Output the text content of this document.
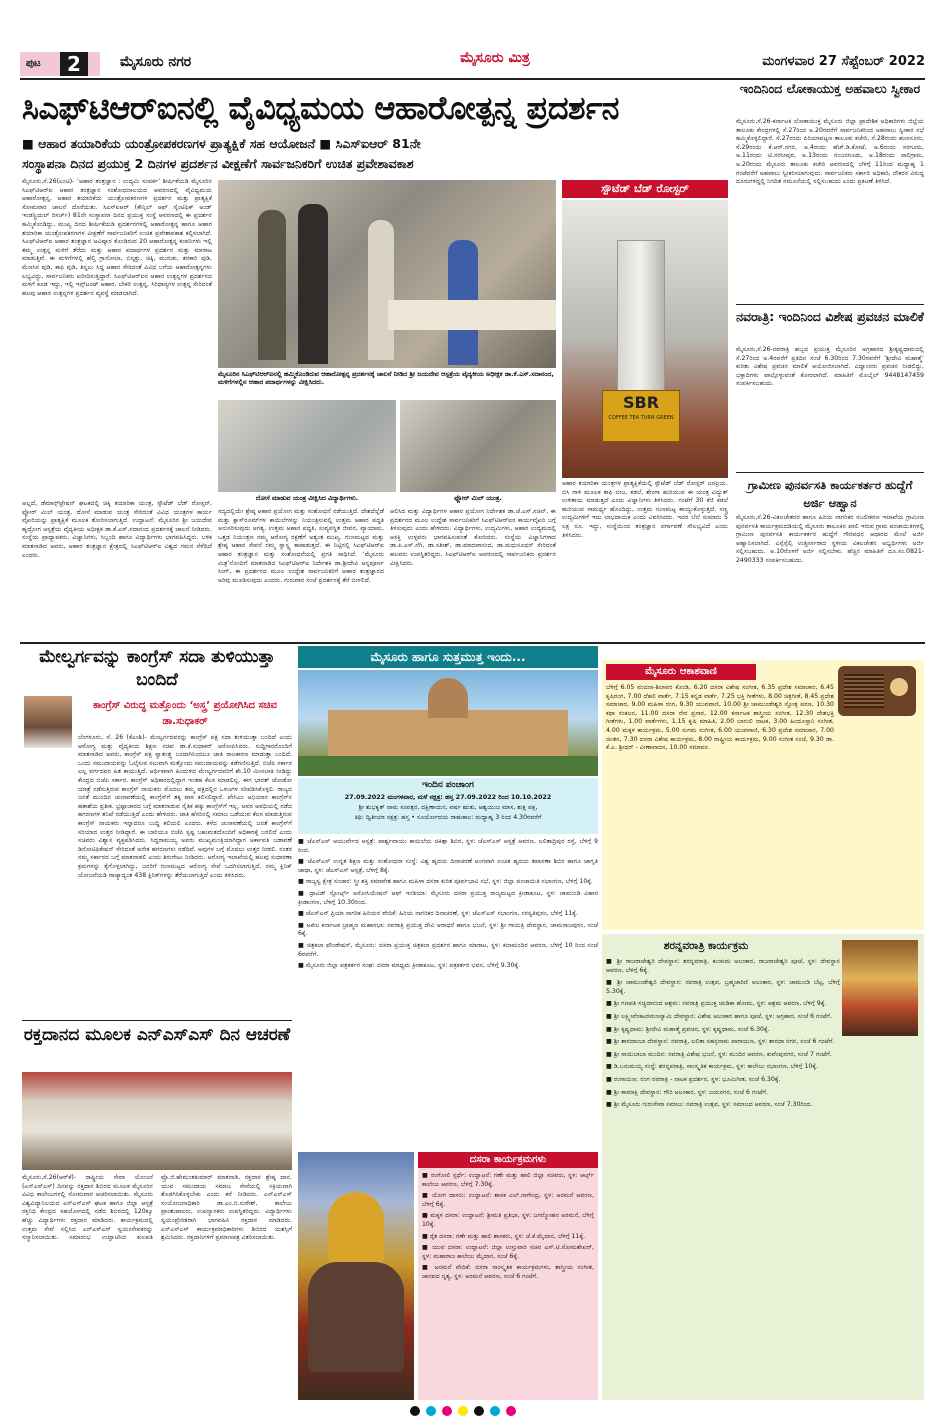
ಪುಟ	2	ಮೈಸೂರು ನಗರ	ಮೈಸೂರು ಮಿತ್ರ	ಮಂಗಳವಾರ 27 ಸೆಪ್ಟೆಂಬರ್ 2022
ಸಿಎಫ್‌ಟಿಆರ್‌ಐನಲ್ಲಿ ವೈವಿಧ್ಯಮಯ ಆಹಾರೋತ್ಪನ್ನ ಪ್ರದರ್ಶನ
■ ಆಹಾರ ತಯಾರಿಕೆಯ ಯಂತ್ರೋಪಕರಣಗಳ ಪ್ರಾತ್ಯಕ್ಷಿಕೆ ಸಹ ಆಯೋಜನೆ ■ ಸಿಎಸ್‌ಐಆರ್ 81ನೇ
ಸಂಸ್ಥಾಪನಾ ದಿನದ ಪ್ರಯುಕ್ತ 2 ದಿನಗಳ ಪ್ರದರ್ಶನ ವೀಕ್ಷಣೆಗೆ ಸಾರ್ವಜನಿಕರಿಗೆ ಉಚಿತ ಪ್ರವೇಶಾವಕಾಶ
ಮೈಸೂರು,ಸೆ.26(ಎಂಟಿ)- ‘ಆಹಾರ ತಂತ್ರಜ್ಞಾನ : ಉದ್ಯಮಿ ಸಂಪರ್ಕ’ ಶೀರ್ಷಿಕೆಯಡಿ ಮೈಸೂರಿನ ಸಿಎಫ್‌ಟಿಆರ್‌ಐ ಆಹಾರ ತಂತ್ರಜ್ಞಾನ ಸಂಶೋಧನಾಲಯದ ಆವರಣದಲ್ಲಿ ವೈವಿಧ್ಯಮಯ ಆಹಾರೋತ್ಪನ್ನ, ಆಹಾರ ತಯಾರಿಕೆಯ ಯಂತ್ರೋಪಕರಣಗಳ ಪ್ರದರ್ಶನ ಮತ್ತು ಪ್ರಾತ್ಯಕ್ಷಿಕೆ ಸೋಮವಾರ ಚಾಲನೆ ದೊರೆಯಿತು. ಸಿಎಸ್‌ಐಆರ್ (ಕೌನ್ಸಿಲ್ ಆಫ್ ಸೈಂಟಿಫಿಕ್ ಅಂಡ್ ಇಂಡಸ್ಟ್ರಿಯಲ್ ರಿಸರ್ಚ್) 81ನೇ ಸಂಸ್ಥಾಪನಾ ದಿನದ ಪ್ರಯುಕ್ತ ಸಂಸ್ಥೆ ಆವರಣದಲ್ಲಿ ಈ ಪ್ರದರ್ಶನ ಹಮ್ಮಿಕೊಂಡಿದ್ದು, ಮುಖ್ಯ ದಿನದ ಶೀರ್ಷಿಕೆಯಡಿ ಪ್ರದರ್ಶನಗಳಲ್ಲಿ ಆಹಾರೋತ್ಪನ್ನ ಹಾಗೂ ಆಹಾರ ತಯಾರಿಕಾ ಯಂತ್ರೋಪಕರಣಗಳ ವೀಕ್ಷಣೆಗೆ ಸಾರ್ವಜನಿಕರಿಗೆ ಉಚಿತ ಪ್ರವೇಶಾವಕಾಶ ಕಲ್ಪಿಸಲಾಗಿದೆ. ಸಿಎಫ್‌ಟಿಆರ್‌ಐ ಆಹಾರ ತಂತ್ರಜ್ಞಾನ ಅವಿಷ್ಕಾರ ಕೊಂಡಿರುವ 20 ಆಹಾರೋತ್ಪನ್ನ ಕಂಪನಿಗಳು ಇಲ್ಲಿ ತಮ್ಮ ಉತ್ಪನ್ನ ಮಳಿಗೆ ತೆರೆದು ಮತ್ತು ಆಹಾರ ಪದಾರ್ಥಗಳ ಪ್ರದರ್ಶನ ಮತ್ತು ಮಾರಾಟ ಮಾಡುತ್ತಿವೆ. ಈ ಮಳಿಗೆಗಳಲ್ಲಿ ಹೆಲ್ತಿ ಗ್ರಾನೋಲಾ, ಬಿಸ್ಕತ್ತು, ಚಿಕ್ಕಿ, ಮುರುಕು, ತರಕಾರಿ ಪುಡಿ, ಮೆಣಸಿನ ಪುಡಿ, ಕಾಫಿ ಪುಡಿ, ತಿನ್ನಲು ಸಿದ್ಧ ಆಹಾರ ಸೇರಿದಂತೆ ವಿವಿಧ ಬಗೆಯ ಆಹಾರೋತ್ಪನ್ನಗಳು ಲಭ್ಯವಿದ್ದು, ಸಾರ್ವಜನಿಕರು ಖರೀದಿಸುತ್ತಿದ್ದಾರೆ. ಸಿಎಫ್‌ಟಿಆರ್‌ಐನ ಆಹಾರ ಉತ್ಪನ್ನಗಳ ಪ್ರದರ್ಶನದ ಮಳಿಗೆ ಕೂಡ ಇದ್ದು, ಇಲ್ಲಿ ಇನ್ಸ್‌ಟಂಟ್ ಆಹಾರ, ಬೇಕರಿ ಉತ್ಪನ್ನ, ಸಿರಿಧಾನ್ಯಗಳ ಉತ್ಪನ್ನ ಸೇರಿದಂತೆ ಹಲವು ಆಹಾರ ಉತ್ಪನ್ನಗಳ ಪ್ರದರ್ಶನ ವ್ಯವಸ್ಥೆ ಮಾಡಲಾಗಿದೆ.
ಮೈಸೂರಿನ ಸಿಎಫ್‌ಟಿಆರ್‌ಐನಲ್ಲಿ ಹಮ್ಮಿಕೊಂಡಿರುವ ಆಹಾರೋತ್ಪನ್ನ ಪ್ರದರ್ಶನಕ್ಕೆ ಚಾಲನೆ ನೀಡಿದ ಶ್ರೀ ಜಯದೇವ ಆಸ್ಪತ್ರೆಯ ವೈದ್ಯಕೀಯ ಅಧೀಕ್ಷಕ ಡಾ.ಕೆ.ಎಸ್.ಸದಾನಂದ, ಮಳಿಗೆಗಳಲ್ಲಿನ ಆಹಾರ ಪದಾರ್ಥಗಳನ್ನು ವೀಕ್ಷಿಸಿದರು.
ದೋಸೆ ಮಾಡುವ ಯಂತ್ರ ವೀಕ್ಷಿಸಿದ ವಿದ್ಯಾರ್ಥಿಗಳು.	ಫ್ಲೋರ್ ಮಿಲ್ ಯಂತ್ರ.
ಅಲ್ಲದೆ, ಡೆಮಾನ್ಸ್‌ಟ್ರೇಷನ್ ಘಟಕದಲ್ಲಿ ಚಿಕ್ಕಿ ತಯಾರಿಕಾ ಯಂತ್ರ, ಸ್ಪೌಟೆಡ್ ಬೆಡ್ ರೋಸ್ಟರ್, ಫ್ಲೋರ್ ಮಿಲ್ ಯಂತ್ರ, ದೋಸೆ ಮಾಡುವ ಯಂತ್ರ ಸೇರಿದಂತೆ ವಿವಿಧ ಯಂತ್ರಗಳ ಕಾರ್ಯ ವೈಖರಿಯನ್ನು ಪ್ರಾತ್ಯಕ್ಷಿಕೆ ಮೂಲಕ ತೋರಿಸಲಾಗುತ್ತಿದೆ. ಉದ್ಘಾಟನೆ: ಮೈಸೂರಿನ ಶ್ರೀ ಜಯದೇವ ಹೃದ್ರೋಗ ಆಸ್ಪತ್ರೆಯ ವೈದ್ಯಕೀಯ ಅಧೀಕ್ಷಕ ಡಾ.ಕೆ.ಎಸ್.ಸದಾನಂದ ಪ್ರದರ್ಶನಕ್ಕೆ ಚಾಲನೆ ನೀಡಿದರು. ಸಂಸ್ಥೆಯ ಪ್ರಾಧ್ಯಾಪಕರು, ವಿಜ್ಞಾನಿಗಳು, ಸಿಬ್ಬಂದಿ ಹಾಗೂ ವಿದ್ಯಾರ್ಥಿಗಳು ಭಾಗವಹಿಸಿದ್ದರು. ಬಳಿಕ ಮಾತನಾಡಿದ ಅವರು, ಆಹಾರ ತಂತ್ರಜ್ಞಾನ ಕ್ಷೇತ್ರದಲ್ಲಿ ಸಿಎಫ್‌ಟಿಆರ್‌ಐ ವಿಶ್ವದ ಗಮನ ಸೆಳೆದಿದೆ ಎಂದರು.
ಸದ್ಯದಲ್ಲಿಯೇ ಶ್ರೇಷ್ಠ ಆಹಾರ ಪ್ರಯೋಗ ಮತ್ತು ಸಂಶೋಧನೆ ನಡೆಯುತ್ತಿದೆ. ದೇಶದೆಲ್ಲೆಡೆ ಮತ್ತು ಕ್ಲಾಸ್‌ರೂಮ್‌ಗಳ ಕಾಯಿಲೆಗಳನ್ನು ನಿಯಂತ್ರಿಸುವಲ್ಲಿ ಉತ್ತಮ ಆಹಾರ ಪದ್ಧತಿ ಅನುಸರಿಸುವುದು ಅಗತ್ಯ. ಉತ್ತಮ ಆಹಾರ ಪದ್ಧತಿ, ಸುವ್ಯವಸ್ಥಿತ ಜೀವನ, ವ್ಯಾಯಾಮ, ಒತ್ತಡ ನಿಯಂತ್ರಣ ನಮ್ಮ ಆರೋಗ್ಯ ರಕ್ಷಣೆಗೆ ಅತ್ಯಂತ ಮುಖ್ಯ. ಗುಣಮಟ್ಟದ ಮತ್ತು ಶ್ರೇಷ್ಠ ಆಹಾರ ಸೇವನೆ ನಮ್ಮ ಸ್ವಾಸ್ಥ್ಯ ಕಾಪಾಡುತ್ತದೆ. ಈ ನಿಟ್ಟಿನಲ್ಲಿ ಸಿಎಫ್‌ಟಿಆರ್‌ಐ ಆಹಾರ ತಂತ್ರಜ್ಞಾನ ಮತ್ತು ಸಂಶೋಧನೆಯಲ್ಲಿ ಪ್ರಗತಿ ಸಾಧಿಸಿದೆ. ‘ಮೈಸೂರು ಮಿತ್ರ’ನೊಂದಿಗೆ ಮಾತನಾಡಿದ ಸಿಎಫ್‌ಟಿಆರ್‌ಐ ನಿರ್ದೇಶಕಿ ಡಾ.ಶ್ರೀದೇವಿ ಅನ್ನಪೂರ್ಣ ಸಿಂಗ್, ಈ ಪ್ರದರ್ಶನದ ಮೂಲ ಉದ್ದೇಶ ಸಾರ್ವಜನಿಕರಿಗೆ ಆಹಾರ ತಂತ್ರಜ್ಞಾನದ ಅರಿವು ಮೂಡಿಸುವುದು ಎಂದರು. ಗುರುವಾರ ಸಂಜೆ ಪ್ರದರ್ಶನಕ್ಕೆ ತೆರೆ ಬೀಳಲಿದೆ.
ಆಲಿಸಿದ ಮತ್ತು ವಿದ್ಯಾರ್ಥಿಗಳ ಆಹಾರ ಪ್ರಯೋಗ ನಿರ್ದೇಶಕ ಡಾ.ಜೆ.ಎಸ್.ಸಚಿನ್, ಈ ಪ್ರದರ್ಶನದ ಮೂಲ ಉದ್ದೇಶ ಸಾರ್ವಜನಿಕರಿಗೆ ಸಿಎಫ್‌ಟಿಆರ್‌ಐನ ಕಾರ್ಯವೈಖರಿ ಬಗ್ಗೆ ತಿಳಿಸುವುದು ಎಂದು ಹೇಳಿದರು. ವಿದ್ಯಾರ್ಥಿಗಳು, ಉದ್ಯಮಿಗಳು, ಆಹಾರ ಉದ್ಯಮದಲ್ಲಿ ಆಸಕ್ತಿ ಉಳ್ಳವರು ಭಾಗವಹಿಸುವಂತೆ ಕೋರಿದರು. ಸಂಸ್ಥೆಯ ವಿಜ್ಞಾನಿಗಳಾದ ಡಾ.ಪಿ.ಎಸ್.ನೆಗಿ, ಡಾ.ಸತೀಶ್, ಡಾ.ಮಾದವಾನಂದ, ಡಾ.ಮಧುಸೂಧನ್ ಸೇರಿದಂತೆ ಹಲವರು ಉಪಸ್ಥಿತರಿದ್ದರು. ಸಿಎಫ್‌ಟಿಆರ್‌ಐ ಆವರಣದಲ್ಲಿ ಸಾರ್ವಜನಿಕರು ಪ್ರದರ್ಶನ ವೀಕ್ಷಿಸಿದರು.
ಸ್ಪೌಟೆಡ್ ಬೆಡ್ ರೋಸ್ಟರ್
SBR
COFFEE TEA TURN GREEN
ಆಹಾರ ತಯಾರಿಕಾ ಯಂತ್ರಗಳ ಪ್ರಾತ್ಯಕ್ಷಿಕೆಯಲ್ಲಿ ಸ್ಪೌಟೆಡ್ ಬೆಡ್ ರೋಸ್ಟರ್ ಜನಪ್ರಿಯ. ಬಿಸಿ ಗಾಳಿ ಮೂಲಕ ಕಾಫಿ ಬೀಜ, ಕಡಲೆ, ಶೇಂಗಾ ಹುರಿಯುವ ಈ ಯಂತ್ರ ವಿದ್ಯುತ್ ಉಳಿತಾಯ ಮಾಡುತ್ತದೆ ಎಂದು ವಿಜ್ಞಾನಿಗಳು ತಿಳಿಸಿದರು. ಗಂಟೆಗೆ 30 ಕೆಜಿ ಕಡಲೆ ಹುರಿಯುವ ಸಾಮರ್ಥ್ಯ ಹೊಂದಿದ್ದು, ಉತ್ತಮ ಗುಣಮಟ್ಟ ಕಾಯ್ದುಕೊಳ್ಳುತ್ತದೆ. ಸಣ್ಣ ಉದ್ಯಮಿಗಳಿಗೆ ಇದು ಲಾಭದಾಯಕ ಎಂದು ವಿವರಿಸಿದರು. ಇದರ ಬೆಲೆ ಸುಮಾರು 5 ಲಕ್ಷ ರೂ. ಇದ್ದು, ಸಂಸ್ಥೆಯಿಂದ ತಂತ್ರಜ್ಞಾನ ವರ್ಗಾವಣೆ ಸೌಲಭ್ಯವಿದೆ ಎಂದು ತಿಳಿಸಿದರು.
ಇಂದಿನಿಂದ ಲೋಕಾಯುಕ್ತ ಅಹವಾಲು ಸ್ವೀಕಾರ
ಮೈಸೂರು,ಸೆ.26-ಕರ್ನಾಟಕ ಲೋಕಾಯುಕ್ತ ಮೈಸೂರು ಜಿಲ್ಲಾ ಪ್ರಾದೇಶಿಕ ಅಧಿಕಾರಿಗಳು ಜಿಲ್ಲೆಯ ತಾಲೂಕು ಕೇಂದ್ರಗಳಲ್ಲಿ ಸೆ.27ರಿಂದ ಅ.20ರವರೆಗೆ ಸಾರ್ವಜನಿಕರಿಂದ ಅಹವಾಲು ಸ್ವೀಕಾರ ಸಭೆ ಹಮ್ಮಿಕೊಳ್ಳಲಿದ್ದಾರೆ. ಸೆ.27ರಂದು ಪಿರಿಯಾಪಟ್ಟಣ ತಾಲೂಕು ಕಚೇರಿ, ಸೆ.28ರಂದು ಹುಣಸೂರು, ಸೆ.29ರಂದು ಕೆ.ಆರ್.ನಗರ, ಅ.4ರಂದು ಹೆಚ್.ಡಿ.ಕೋಟೆ, ಅ.6ರಂದು ಸರಗೂರು, ಅ.11ರಂದು ಟಿ.ನರಸೀಪುರ, ಅ.13ರಂದು ನಂಜನಗೂಡು, ಅ.18ರಂದು ಸಾಲಿಗ್ರಾಮ, ಅ.20ರಂದು ಮೈಸೂರು ತಾಲೂಕು ಕಚೇರಿ ಆವರಣದಲ್ಲಿ ಬೆಳಿಗ್ಗೆ 11ರಿಂದ ಮಧ್ಯಾಹ್ನ 1 ಗಂಟೆವರೆಗೆ ಅಹವಾಲು ಸ್ವೀಕರಿಸಲಾಗುವುದು. ಸಾರ್ವಜನಿಕರು ಸರ್ಕಾರಿ ಅಧಿಕಾರಿ, ನೌಕರರ ವಿರುದ್ಧ ದೂರುಗಳಿದ್ದಲ್ಲಿ ನಿಗದಿತ ನಮೂನೆಯಲ್ಲಿ ಸಲ್ಲಿಸಬಹುದು ಎಂದು ಪ್ರಕಟಣೆ ತಿಳಿಸಿದೆ.
ನವರಾತ್ರಿ: ಇಂದಿನಿಂದ ವಿಶೇಷ ಪ್ರವಚನ ಮಾಲಿಕೆ
ಮೈಸೂರು,ಸೆ.26-ನವರಾತ್ರಿ ಹಬ್ಬದ ಪ್ರಯುಕ್ತ ಮೈಸೂರಿನ ಅಗ್ರಹಾರದ ಶ್ರೀಕೃಷ್ಣಧಾಮದಲ್ಲಿ ಸೆ.27ರಿಂದ ಅ.4ರವರೆಗೆ ಪ್ರತಿದಿನ ಸಂಜೆ 6.30ರಿಂದ 7.30ರವರೆಗೆ ‘ಶ್ರೀದೇವಿ ಮಹಾತ್ಮೆ’ ಕುರಿತು ವಿಶೇಷ ಪ್ರವಚನ ಮಾಲಿಕೆ ಆಯೋಜಿಸಲಾಗಿದೆ. ವಿದ್ವಾಂಸರು ಪ್ರವಚನ ನೀಡಲಿದ್ದು, ಭಕ್ತಾದಿಗಳು ಪಾಲ್ಗೊಳ್ಳುವಂತೆ ಕೋರಲಾಗಿದೆ. ಮಾಹಿತಿಗೆ ಮೊಬೈಲ್ 9448147459 ಸಂಪರ್ಕಿಸಬಹುದು.
ಗ್ರಾಮೀಣ ಪುನರ್ವಸತಿ ಕಾರ್ಯಕರ್ತರ ಹುದ್ದೆಗೆ ಅರ್ಜಿ ಆಹ್ವಾನ
ಮೈಸೂರು,ಸೆ.26-ವಿಕಲಚೇತನರ ಹಾಗೂ ಹಿರಿಯ ನಾಗರಿಕರ ಸಬಲೀಕರಣ ಇಲಾಖೆಯ ಗ್ರಾಮೀಣ ಪುನರ್ವಸತಿ ಕಾರ್ಯಕ್ರಮದಡಿಯಲ್ಲಿ ಮೈಸೂರು ತಾಲೂಕಿನ ಖಾಲಿ ಇರುವ ಗ್ರಾಮ ಪಂಚಾಯಿತಿಗಳಲ್ಲಿ ಗ್ರಾಮೀಣ ಪುನರ್ವಸತಿ ಕಾರ್ಯಕರ್ತರ ಹುದ್ದೆಗೆ ಗೌರವಧನ ಆಧಾರದ ಮೇಲೆ ಅರ್ಜಿ ಆಹ್ವಾನಿಸಲಾಗಿದೆ. ಎಸ್ಸೆಸ್ಸೆಲ್ಸಿ ಉತ್ತೀರ್ಣರಾದ ಸ್ಥಳೀಯ ವಿಕಲಚೇತನ ಅಭ್ಯರ್ಥಿಗಳು ಅರ್ಜಿ ಸಲ್ಲಿಸಬಹುದು. ಅ.10ರೊಳಗೆ ಅರ್ಜಿ ಸಲ್ಲಿಸಬೇಕು. ಹೆಚ್ಚಿನ ಮಾಹಿತಿಗೆ ದೂ.ಸಂ.0821-2490333 ಸಂಪರ್ಕಿಸಬಹುದು.
ಮೇಲ್ವರ್ಗವನ್ನು ಕಾಂಗ್ರೆಸ್ ಸದಾ ತುಳಿಯುತ್ತಾ ಬಂದಿದೆ
ಕಾಂಗ್ರೆಸ್ ವಿರುದ್ಧ ಮತ್ತೊಂದು ‘ಅಸ್ತ್ರ’ ಪ್ರಯೋಗಿಸಿದ ಸಚಿವ ಡಾ.ಸುಧಾಕರ್
ಬೆಂಗಳೂರು, ಸೆ. 26 (ಕೆಎಂಶಿ)- ಮೇಲ್ವರ್ಗದವರನ್ನು ಕಾಂಗ್ರೆಸ್ ಪಕ್ಷ ಸದಾ ತುಳಿಯುತ್ತಾ ಬಂದಿದೆ ಎಂದು ಆರೋಗ್ಯ ಮತ್ತು ವೈದ್ಯಕೀಯ ಶಿಕ್ಷಣ ಸಚಿವ ಡಾ.ಕೆ.ಸುಧಾಕರ್ ಆರೋಪಿಸಿದರು. ಸುದ್ದಿಗಾರರೊಂದಿಗೆ ಮಾತನಾಡಿದ ಅವರು, ಕಾಂಗ್ರೆಸ್ ಪಕ್ಷ ಸ್ವಾತಂತ್ರ್ಯ ಬಂದಾಗಿನಿಂದಲೂ ಜಾತಿ ರಾಜಕಾರಣ ಮಾಡುತ್ತಾ ಬಂದಿದೆ. ಒಂದು ಸಮುದಾಯವನ್ನು ಓಲೈಸುವ ಸಲುವಾಗಿ ಮತ್ತೊಂದು ಸಮುದಾಯವನ್ನು ಕಡೆಗಣಿಸುತ್ತಿದೆ. ಬಿಜೆಪಿ ಸರ್ಕಾರ ಎಲ್ಲ ವರ್ಗದವರ ಹಿತ ಕಾಯುತ್ತಿದೆ. ಆರ್ಥಿಕವಾಗಿ ಹಿಂದುಳಿದ ಮೇಲ್ವರ್ಗದವರಿಗೆ ಶೇ.10 ಮೀಸಲಾತಿ ನೀಡಿದ್ದು ಕೇಂದ್ರದ ಬಿಜೆಪಿ ಸರ್ಕಾರ. ಕಾಂಗ್ರೆಸ್ ಅಧಿಕಾರದಲ್ಲಿದ್ದಾಗ ಇಂತಹ ಕೆಲಸ ಮಾಡಲಿಲ್ಲ. ಈಗ ಭಾರತ್ ಜೋಡೋ ಯಾತ್ರೆ ನಡೆಸುತ್ತಿರುವ ಕಾಂಗ್ರೆಸ್ ನಾಯಕರು ಮೊದಲು ತಮ್ಮ ಪಕ್ಷದಲ್ಲಿನ ಒಳಜಗಳ ಸರಿಪಡಿಸಿಕೊಳ್ಳಲಿ. ರಾಜ್ಯದ ಜನತೆ ಮುಂದಿನ ಚುನಾವಣೆಯಲ್ಲಿ ಕಾಂಗ್ರೆಸ್‌ಗೆ ತಕ್ಕ ಪಾಠ ಕಲಿಸಲಿದ್ದಾರೆ. ಪೇಸಿಎಂ ಅಭಿಯಾನ ಕಾಂಗ್ರೆಸ್‌ನ ಹತಾಶೆಯ ಪ್ರತೀಕ. ಭ್ರಷ್ಟಾಚಾರದ ಬಗ್ಗೆ ಮಾತನಾಡುವ ನೈತಿಕ ಹಕ್ಕು ಕಾಂಗ್ರೆಸ್‌ಗೆ ಇಲ್ಲ. ಅವರ ಅವಧಿಯಲ್ಲಿ ನಡೆದ ಹಗರಣಗಳ ತನಿಖೆ ನಡೆಯುತ್ತಿದೆ ಎಂದು ಹೇಳಿದರು. ಜಾತಿ ಹೆಸರಿನಲ್ಲಿ ಸಮಾಜ ಒಡೆಯುವ ಕೆಲಸ ಮಾಡುತ್ತಿರುವ ಕಾಂಗ್ರೆಸ್ ನಾಯಕರು ಇನ್ನಾದರೂ ಬುದ್ಧಿ ಕಲಿಯಲಿ ಎಂದರು. ಕಳೆದ ಚುನಾವಣೆಯಲ್ಲಿ ಜನತೆ ಕಾಂಗ್ರೆಸ್‌ಗೆ ಸರಿಯಾದ ಉತ್ತರ ನೀಡಿದ್ದಾರೆ. ಈ ಬಾರಿಯೂ ಬಿಜೆಪಿ ಸ್ಪಷ್ಟ ಬಹುಮತದೊಂದಿಗೆ ಅಧಿಕಾರಕ್ಕೆ ಬರಲಿದೆ ಎಂದು ಸಚಿವರು ವಿಶ್ವಾಸ ವ್ಯಕ್ತಪಡಿಸಿದರು. ಸಿದ್ದರಾಮಯ್ಯ ಅವರು ಮುಖ್ಯಮಂತ್ರಿಯಾಗಿದ್ದಾಗ ಅರ್ಕಾವತಿ ಬಡಾವಣೆ ಡಿನೋಟಿಫಿಕೇಷನ್ ಸೇರಿದಂತೆ ಅನೇಕ ಹಗರಣಗಳು ನಡೆದಿವೆ. ಅವುಗಳ ಬಗ್ಗೆ ಮೊದಲು ಉತ್ತರ ನೀಡಲಿ. ನಂತರ ನಮ್ಮ ಸರ್ಕಾರದ ಬಗ್ಗೆ ಮಾತನಾಡಲಿ ಎಂದು ತಿರುಗೇಟು ನೀಡಿದರು. ಆರೋಗ್ಯ ಇಲಾಖೆಯಲ್ಲಿ ಹಲವು ಸುಧಾರಣಾ ಕ್ರಮಗಳನ್ನು ಕೈಗೊಳ್ಳಲಾಗಿದ್ದು, ಜನರಿಗೆ ಗುಣಮಟ್ಟದ ಆರೋಗ್ಯ ಸೇವೆ ಒದಗಿಸಲಾಗುತ್ತಿದೆ. ನಮ್ಮ ಕ್ಲಿನಿಕ್ ಯೋಜನೆಯಡಿ ರಾಜ್ಯಾದ್ಯಂತ 438 ಕ್ಲಿನಿಕ್‌ಗಳನ್ನು ತೆರೆಯಲಾಗುತ್ತಿದೆ ಎಂದು ತಿಳಿಸಿದರು.
ರಕ್ತದಾನದ ಮೂಲಕ ಎನ್‌ಎಸ್‌ಎಸ್ ದಿನ ಆಚರಣೆ
ಮೈಸೂರು,ಸೆ.26(ಆರ್‌ಕೆ)- ರಾಷ್ಟ್ರೀಯ ಸೇವಾ ಯೋಜನೆ (ಎನ್‌ಎಸ್‌ಎಸ್) ದಿನವನ್ನು ರಕ್ತದಾನ ಶಿಬಿರದ ಮೂಲಕ ಮೈಸೂರಿನ ವಿವಿಧ ಕಾಲೇಜುಗಳಲ್ಲಿ ಸೋಮವಾರ ಆಚರಿಸಲಾಯಿತು. ಮೈಸೂರು ವಿಶ್ವವಿದ್ಯಾನಿಲಯದ ಎನ್‌ಎಸ್‌ಎಸ್ ಘಟಕ ಹಾಗೂ ಜಿಲ್ಲಾ ಆಸ್ಪತ್ರೆ ರಕ್ತನಿಧಿ ಕೇಂದ್ರದ ಸಹಯೋಗದಲ್ಲಿ ನಡೆದ ಶಿಬಿರದಲ್ಲಿ 120ಕ್ಕೂ ಹೆಚ್ಚು ವಿದ್ಯಾರ್ಥಿಗಳು ರಕ್ತದಾನ ಮಾಡಿದರು. ಕಾರ್ಯಕ್ರಮದಲ್ಲಿ ಉತ್ತಮ ಸೇವೆ ಸಲ್ಲಿಸಿದ ಎನ್‌ಎಸ್‌ಎಸ್ ಸ್ವಯಂಸೇವಕರನ್ನು ಸನ್ಮಾನಿಸಲಾಯಿತು. ಸಮಾರಂಭ ಉದ್ಘಾಟಿಸಿದ ಕುಲಪತಿ ಪ್ರೊ.ಜಿ.ಹೇಮಂತಕುಮಾರ್ ಮಾತನಾಡಿ, ರಕ್ತದಾನ ಶ್ರೇಷ್ಠ ದಾನ. ಯುವ ಸಮುದಾಯ ಸಮಾಜ ಸೇವೆಯಲ್ಲಿ ಸಕ್ರಿಯವಾಗಿ ತೊಡಗಿಸಿಕೊಳ್ಳಬೇಕು ಎಂದು ಕರೆ ನೀಡಿದರು. ಎನ್‌ಎಸ್‌ಎಸ್ ಸಂಯೋಜನಾಧಿಕಾರಿ ಡಾ.ಎಂ.ಬಿ.ಸುರೇಶ್, ಕಾಲೇಜು ಪ್ರಾಂಶುಪಾಲರು, ಉಪನ್ಯಾಸಕರು ಉಪಸ್ಥಿತರಿದ್ದರು. ವಿದ್ಯಾರ್ಥಿಗಳು ಸ್ವಯಂಪ್ರೇರಿತರಾಗಿ ಭಾಗವಹಿಸಿ ರಕ್ತದಾನ ಮಾಡಿದರು. ಎನ್‌ಎಸ್‌ಎಸ್ ಕಾರ್ಯಕ್ರಮಾಧಿಕಾರಿಗಳು ಶಿಬಿರದ ಯಶಸ್ಸಿಗೆ ಶ್ರಮಿಸಿದರು. ರಕ್ತದಾನಿಗಳಿಗೆ ಪ್ರಮಾಣಪತ್ರ ವಿತರಿಸಲಾಯಿತು.
ಮೈಸೂರು ಹಾಗೂ ಸುತ್ತಮುತ್ತ ಇಂದು...
ಇಂದಿನ ಪಂಚಾಂಗ
27.09.2022 ಮಂಗಳವಾರ, ಮಳೆ ನಕ್ಷತ್ರ: ಹಸ್ತ 27.09.2022 ರಿಂದ 10.10.2022
ಶ್ರೀ ಶುಭಕೃತ್ ನಾಮ ಸಂವತ್ಸರ, ದಕ್ಷಿಣಾಯನ, ವರ್ಷ ಋತು, ಆಶ್ವಯುಜ ಮಾಸ, ಶುಕ್ಲ ಪಕ್ಷ,
ತಿಥಿ: ದ್ವಿತೀಯಾ ನಕ್ಷತ್ರ: ಹಸ್ತ • ಸೂರ್ಯೋದಯ ರಾಹುಕಾಲ: ಮಧ್ಯಾಹ್ನ 3 ರಿಂದ 4.30ರವರೆಗೆ
■ ಜೆಎಸ್‌ಎಸ್ ಆಯುರ್ವೇದ ಆಸ್ಪತ್ರೆ: ಪಾರ್ಶ್ವವಾಯು ಕಾಯಿಲೆಯ ಚಿಕಿತ್ಸಾ ಶಿಬಿರ, ಸ್ಥಳ: ಜೆಎಸ್‌ಎಸ್ ಆಸ್ಪತ್ರೆ ಆವರಣ, ಲಲಿತಾದ್ರಿಪುರ ರಸ್ತೆ, ಬೆಳಿಗ್ಗೆ 9 ರಿಂದ.
■ ಜೆಎಸ್‌ಎಸ್ ಉನ್ನತ ಶಿಕ್ಷಣ ಮತ್ತು ಸಂಶೋಧನಾ ಸಂಸ್ಥೆ: ವಿಶ್ವ ಹೃದಯ ದಿನಾಚರಣೆ ಅಂಗವಾಗಿ ಉಚಿತ ಹೃದಯ ತಪಾಸಣಾ ಶಿಬಿರ ಹಾಗೂ ಜಾಗೃತಿ ಜಾಥಾ, ಸ್ಥಳ: ಜೆಎಸ್‌ಎಸ್ ಆಸ್ಪತ್ರೆ, ಬೆಳಿಗ್ಗೆ 8ಕ್ಕೆ.
■ ರಾಜ್ಯಸ್ವ ಕ್ಷೇತ್ರ ಸಂಚಾರ: ಸ್ತ್ರೀ ಶಕ್ತಿ ಸಮಾವೇಶ ಹಾಗೂ ಮಹಿಳಾ ದಸರಾ ಕುರಿತ ಪೂರ್ವಭಾವಿ ಸಭೆ, ಸ್ಥಳ: ಜಿಲ್ಲಾ ಪಂಚಾಯಿತಿ ಸಭಾಂಗಣ, ಬೆಳಿಗ್ಗೆ 10ಕ್ಕೆ.
■ ದ್ರಾವಿಡ್ ಸ್ಪೋರ್ಟ್ಸ್ ಅಸೋಸಿಯೇಷನ್ ಆಫ್ ಇಂಡಿಯಾ: ಮೈಸೂರು ದಸರಾ ಪ್ರಯುಕ್ತ ರಾಜ್ಯಮಟ್ಟದ ಕ್ರೀಡಾಕೂಟ, ಸ್ಥಳ: ಚಾಮುಂಡಿ ವಿಹಾರ ಕ್ರೀಡಾಂಗಣ, ಬೆಳಿಗ್ಗೆ 10.30ರಿಂದ.
■ ಜೆಎಸ್‌ಎಸ್ ಪ್ರಿಯಾ ನಾಗರಿಕ ಹಿರಿಯರ ವೇದಿಕೆ: ಹಿರಿಯ ನಾಗರಿಕರ ದಿನಾಚರಣೆ, ಸ್ಥಳ: ಜೆಎಸ್‌ಎಸ್ ಸಭಾಂಗಣ, ಸರಸ್ವತಿಪುರಂ, ಬೆಳಿಗ್ಗೆ 11ಕ್ಕೆ.
■ ಅಖಿಲ ಕರ್ನಾಟಕ ಬ್ರಾಹ್ಮಣ ಮಹಾಸಭಾ: ನವರಾತ್ರಿ ಪ್ರಯುಕ್ತ ದೇವಿ ಆರಾಧನೆ ಹಾಗೂ ಭಜನೆ, ಸ್ಥಳ: ಶ್ರೀ ಗಾಯತ್ರಿ ದೇವಸ್ಥಾನ, ಚಾಮರಾಜಪುರಂ, ಸಂಜೆ 6ಕ್ಕೆ.
■ ಚಿತ್ರಕಲಾ ಫೌಂಡೇಷನ್, ಮೈಸೂರು: ದಸರಾ ಪ್ರಯುಕ್ತ ಚಿತ್ರಕಲಾ ಪ್ರದರ್ಶನ ಹಾಗೂ ಮಾರಾಟ, ಸ್ಥಳ: ಕಲಾಮಂದಿರ ಆವರಣ, ಬೆಳಿಗ್ಗೆ 10 ರಿಂದ ಸಂಜೆ 6ರವರೆಗೆ.
■ ಮೈಸೂರು ಜಿಲ್ಲಾ ಪತ್ರಕರ್ತರ ಸಂಘ: ದಸರಾ ಮಾಧ್ಯಮ ಕ್ರೀಡಾಕೂಟ, ಸ್ಥಳ: ಪತ್ರಕರ್ತರ ಭವನ, ಬೆಳಿಗ್ಗೆ 9.30ಕ್ಕೆ.
ದಸರಾ ಕಾರ್ಯಕ್ರಮಗಳು
■ ರಂಗೋಲಿ ಸ್ಪರ್ಧೆ: ಉದ್ಘಾಟನೆ: ಗಣೇ ಮತ್ತು ಹಾಲಿ ಜಿಲ್ಲಾ ಸಚಿವರು, ಸ್ಥಳ: ಆರ್ಟ್ಸ್ ಕಾಲೇಜು ಆವರಣ, ಬೆಳಿಗ್ಗೆ 7.30ಕ್ಕೆ.
■ ಯೋಗ ದಾಸರು: ಉದ್ಘಾಟನೆ: ಶಾಸಕ ಎಲ್.ನಾಗೇಂದ್ರ, ಸ್ಥಳ: ಅರಮನೆ ಆವರಣ, ಬೆಳಿಗ್ಗೆ 6ಕ್ಕೆ.
■ ಮಕ್ಕಳ ದಸರಾ: ಉದ್ಘಾಟನೆ: ಶ್ರೀಮತಿ ಪ್ರತಿಭಾ, ಸ್ಥಳ: ಜಗನ್ಮೋಹನ ಅರಮನೆ, ಬೆಳಿಗ್ಗೆ 10ಕ್ಕೆ.
■ ರೈತ ದಸರಾ: ಗಣೇ ಮತ್ತು ಹಾಲಿ ಶಾಸಕರು, ಸ್ಥಳ: ಜೆ.ಕೆ.ಮೈದಾನ, ಬೆಳಿಗ್ಗೆ 11ಕ್ಕೆ.
■ ಯುವ ದಸರಾ: ಉದ್ಘಾಟನೆ: ಜಿಲ್ಲಾ ಉಸ್ತುವಾರಿ ಸಚಿವ ಎಸ್.ಟಿ.ಸೋಮಶೇಖರ್, ಸ್ಥಳ: ಮಹಾರಾಜ ಕಾಲೇಜು ಮೈದಾನ, ಸಂಜೆ 6ಕ್ಕೆ.
■ ಅರಮನೆ ವೇದಿಕೆ: ದಸರಾ ಸಾಂಸ್ಕೃತಿಕ ಕಾರ್ಯಕ್ರಮಗಳು, ಶಾಸ್ತ್ರೀಯ ಸಂಗೀತ, ಜಾನಪದ ನೃತ್ಯ, ಸ್ಥಳ: ಅರಮನೆ ಆವರಣ, ಸಂಜೆ 6 ಗಂಟೆಗೆ.
ಮೈಸೂರು ಆಕಾಶವಾಣಿ
ಬೆಳಿಗ್ಗೆ 6.05 ವಂದನಾ-ಶಿಲಾವರ ಕೊಂಡಿ, 6.20 ದಸರಾ ವಿಶೇಷ ಸಂಗೀತ, 6.35 ಪ್ರದೇಶ ಸಮಾಚಾರ, 6.45 ಕೃಷಿರಂಗ, 7.00 ದೆಹಲಿ ವಾರ್ತೆ, 7.15 ಕನ್ನಡ ವಾರ್ತೆ, 7.25 ಭಕ್ತಿ ಗೀತೆಗಳು, 8.00 ಚಿತ್ರಗೀತೆ, 8.45 ಪ್ರದೇಶ ಸಮಾಚಾರ, 9.00 ಮಹಿಳಾ ರಂಗ, 9.30 ಯುವವಾಣಿ, 10.00 ಶ್ರೀ ಚಾಮುಂಡೇಶ್ವರಿ ಸ್ತೋತ್ರ ಪಠಣ, 10.30 ಕಥಾ ಸಂಕಲನ, 11.00 ದಸರಾ ನೇರ ಪ್ರಸಾರ, 12.00 ಕರ್ನಾಟಕ ಶಾಸ್ತ್ರೀಯ ಸಂಗೀತ, 12.30 ದೇಶಭಕ್ತಿ ಗೀತೆಗಳು, 1.00 ವಾರ್ತೆಗಳು, 1.15 ಕೃಷಿ ಮಾಹಿತಿ, 2.00 ಬಾನುಲಿ ನಾಟಕ, 3.00 ಹಿಂದೂಸ್ತಾನಿ ಸಂಗೀತ, 4.00 ಮಕ್ಕಳ ಕಾರ್ಯಕ್ರಮ, 5.00 ಸುಗಮ ಸಂಗೀತ, 6.00 ಯುವವಾಣಿ, 6.30 ಪ್ರದೇಶ ಸಮಾಚಾರ, 7.00 ಚಿಂತನ, 7.30 ದಸರಾ ವಿಶೇಷ ಕಾರ್ಯಕ್ರಮ, 8.00 ರಾಷ್ಟ್ರೀಯ ಕಾರ್ಯಕ್ರಮ, 9.00 ಸಂಗೀತ ಸಂಜೆ, 9.30 ಡಾ. ಕೆ.ಎ. ಶ್ರೀಧರ್ - ವೀಣಾವಾದನ, 10.00 ಸಮಾಪನ.
ಶರನ್ನವರಾತ್ರಿ ಕಾರ್ಯಕ್ರಮ
■ ಶ್ರೀ ರಾಜರಾಜೇಶ್ವರಿ ದೇವಸ್ಥಾನ: ಶರನ್ನವರಾತ್ರಿ, ಕುಂಕುಮ ಅಲಂಕಾರ, ರಾಜರಾಜೇಶ್ವರಿ ಪೂಜೆ, ಸ್ಥಳ: ದೇವಸ್ಥಾನ ಆವರಣ, ಬೆಳಿಗ್ಗೆ 6ಕ್ಕೆ.
■ ಶ್ರೀ ಚಾಮುಂಡೇಶ್ವರಿ ದೇವಸ್ಥಾನ: ನವರಾತ್ರಿ ಉತ್ಸವ, ಬ್ರಹ್ಮಚಾರಿಣಿ ಅಲಂಕಾರ, ಸ್ಥಳ: ಚಾಮುಂಡಿ ಬೆಟ್ಟ, ಬೆಳಿಗ್ಗೆ 5.30ಕ್ಕೆ.
■ ಶ್ರೀ ಗಣಪತಿ ಸಚ್ಚಿದಾನಂದ ಆಶ್ರಮ: ನವರಾತ್ರಿ ಪ್ರಯುಕ್ತ ಚಂಡಿಕಾ ಹೋಮ, ಸ್ಥಳ: ಆಶ್ರಮ ಆವರಣ, ಬೆಳಿಗ್ಗೆ 9ಕ್ಕೆ.
■ ಶ್ರೀ ಲಕ್ಷ್ಮೀವೆಂಕಟರಮಣಸ್ವಾಮಿ ದೇವಸ್ಥಾನ: ವಿಶೇಷ ಅಲಂಕಾರ ಹಾಗೂ ಪೂಜೆ, ಸ್ಥಳ: ಅಗ್ರಹಾರ, ಸಂಜೆ 6 ಗಂಟೆಗೆ.
■ ಶ್ರೀ ಕೃಷ್ಣಧಾಮ: ಶ್ರೀದೇವಿ ಮಹಾತ್ಮೆ ಪ್ರವಚನ, ಸ್ಥಳ: ಕೃಷ್ಣಧಾಮ, ಸಂಜೆ 6.30ಕ್ಕೆ.
■ ಶ್ರೀ ಶಾರದಾಂಬಾ ದೇವಸ್ಥಾನ: ನವರಾತ್ರಿ, ಲಲಿತಾ ಸಹಸ್ರನಾಮ ಪಾರಾಯಣ, ಸ್ಥಳ: ಶಾರದಾ ನಗರ, ಸಂಜೆ 6 ಗಂಟೆಗೆ.
■ ಶ್ರೀ ಸಾಯಿಬಾಬಾ ಮಂದಿರ: ನವರಾತ್ರಿ ವಿಶೇಷ ಭಜನೆ, ಸ್ಥಳ: ಮಂದಿರ ಆವರಣ, ಕುವೆಂಪುನಗರ, ಸಂಜೆ 7 ಗಂಟೆಗೆ.
■ ಡಿ.ಬನುಮಯ್ಯ ಸಂಸ್ಥೆ: ಶರನ್ನವರಾತ್ರಿ, ಸಾಂಸ್ಕೃತಿಕ ಕಾರ್ಯಕ್ರಮ, ಸ್ಥಳ: ಕಾಲೇಜು ಸಭಾಂಗಣ, ಬೆಳಿಗ್ಗೆ 10ಕ್ಕೆ.
■ ರಂಗಾಯಣ: ರಂಗ ನವರಾತ್ರಿ - ನಾಟಕ ಪ್ರದರ್ಶನ, ಸ್ಥಳ: ಭೂಮಿಗೀತ, ಸಂಜೆ 6.30ಕ್ಕೆ.
■ ಶ್ರೀ ಕಾಮಾಕ್ಷಿ ದೇವಸ್ಥಾನ: ಗೌರಿ ಅಲಂಕಾರ, ಸ್ಥಳ: ಜಯನಗರ, ಸಂಜೆ 6 ಗಂಟೆಗೆ.
■ ಶ್ರೀ ಮೈಸೂರು ಗುರುಸೇವಾ ಸಮಾಜ: ನವರಾತ್ರಿ ಉತ್ಸವ, ಸ್ಥಳ: ಸಮಾಜದ ಆವರಣ, ಸಂಜೆ 7.30ರಿಂದ.
